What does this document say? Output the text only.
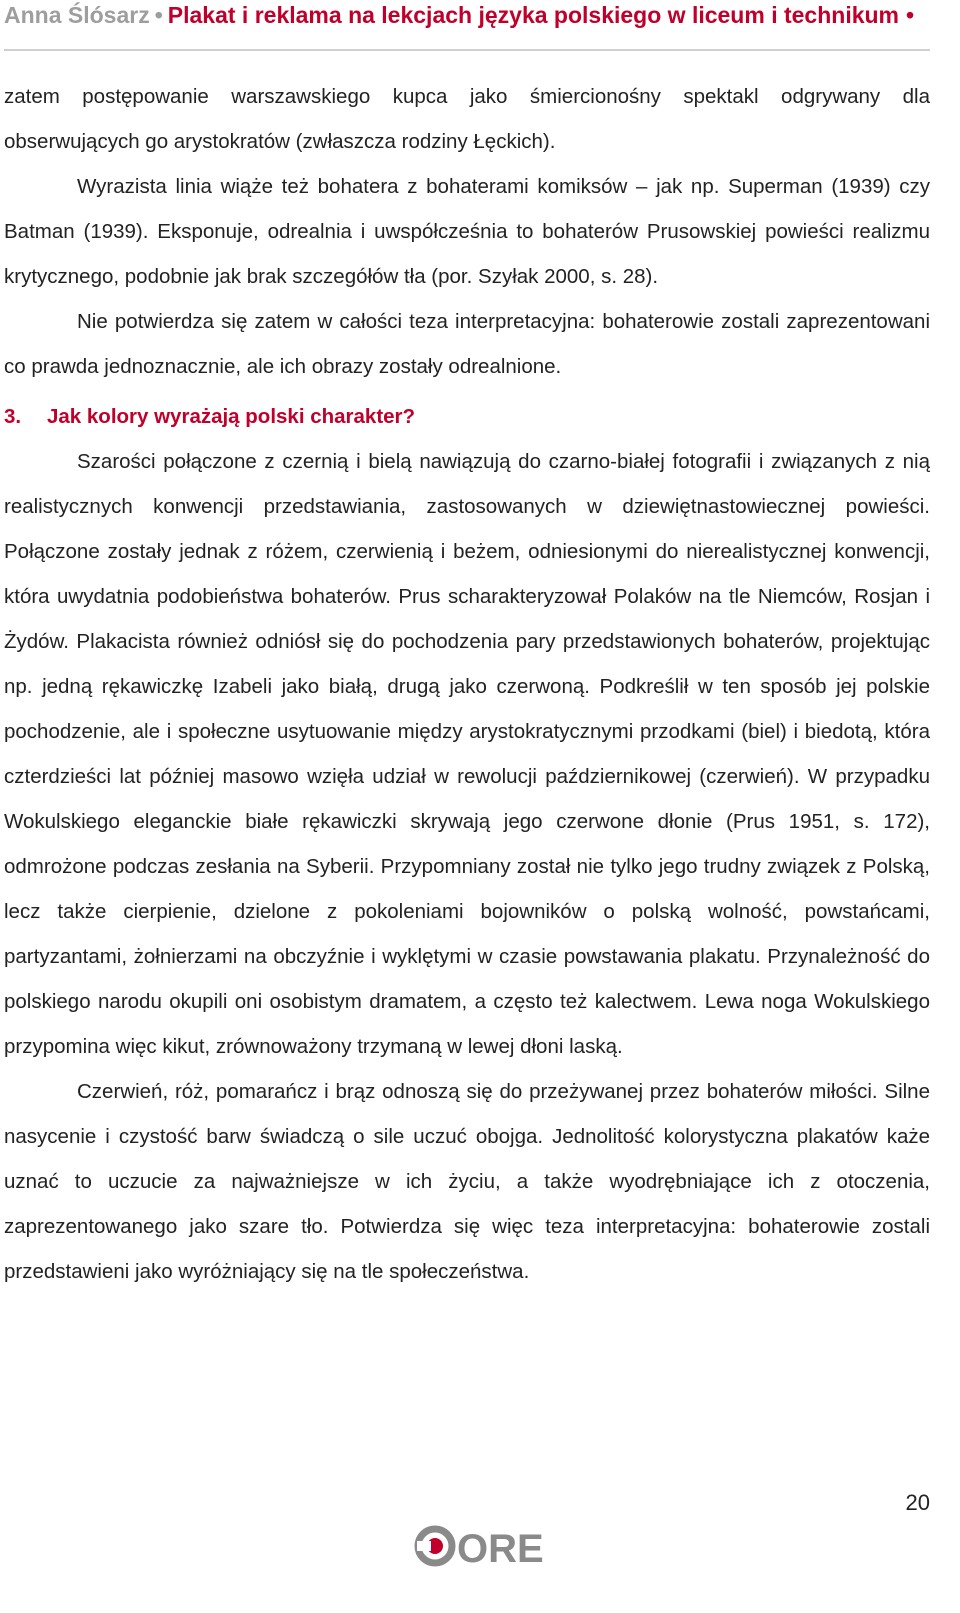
Anna Ślósarz • Plakat i reklama na lekcjach języka polskiego w liceum i technikum •

zatem postępowanie warszawskiego kupca jako śmiercionośny spektakl odgrywany dla obserwujących go arystokratów (zwłaszcza rodziny Łęckich).

Wyrazista linia wiąże też bohatera z bohaterami komiksów – jak np. Superman (1939) czy Batman (1939). Eksponuje, odrealnia i uwspółcześnia to bohaterów Prusowskiej powieści realizmu krytycznego, podobnie jak brak szczegółów tła (por. Szyłak 2000, s. 28).

Nie potwierdza się zatem w całości teza interpretacyjna: bohaterowie zostali zaprezentowani co prawda jednoznacznie, ale ich obrazy zostały odrealnione.

3. Jak kolory wyrażają polski charakter?

Szarości połączone z czernią i bielą nawiązują do czarno-białej fotografii i związanych z nią realistycznych konwencji przedstawiania, zastosowanych w dziewiętnastowiecznej powieści. Połączone zostały jednak z różem, czerwienią i beżem, odniesionymi do nierealistycznej konwencji, która uwydatnia podobieństwa bohaterów. Prus scharakteryzował Polaków na tle Niemców, Rosjan i Żydów. Plakacista również odniósł się do pochodzenia pary przedstawionych bohaterów, projektując np. jedną rękawiczkę Izabeli jako białą, drugą jako czerwoną. Podkreślił w ten sposób jej polskie pochodzenie, ale i społeczne usytuowanie między arystokratycznymi przodkami (biel) i biedotą, która czterdzieści lat później masowo wzięła udział w rewolucji październikowej (czerwień). W przypadku Wokulskiego eleganckie białe rękawiczki skrywają jego czerwone dłonie (Prus 1951, s. 172), odmrożone podczas zesłania na Syberii. Przypomniany został nie tylko jego trudny związek z Polską, lecz także cierpienie, dzielone z pokoleniami bojowników o polską wolność, powstańcami, partyzantami, żołnierzami na obczyźnie i wyklętymi w czasie powstawania plakatu. Przynależność do polskiego narodu okupili oni osobistym dramatem, a często też kalectwem. Lewa noga Wokulskiego przypomina więc kikut, zrównoważony trzymaną w lewej dłoni laską.

Czerwień, róż, pomarańcz i brąz odnoszą się do przeżywanej przez bohaterów miłości. Silne nasycenie i czystość barw świadczą o sile uczuć obojga. Jednolitość kolorystyczna plakatów każe uznać to uczucie za najważniejsze w ich życiu, a także wyodrębniające ich z otoczenia, zaprezentowanego jako szare tło. Potwierdza się więc teza interpretacyjna: bohaterowie zostali przedstawieni jako wyróżniający się na tle społeczeństwa.

20
ORE
